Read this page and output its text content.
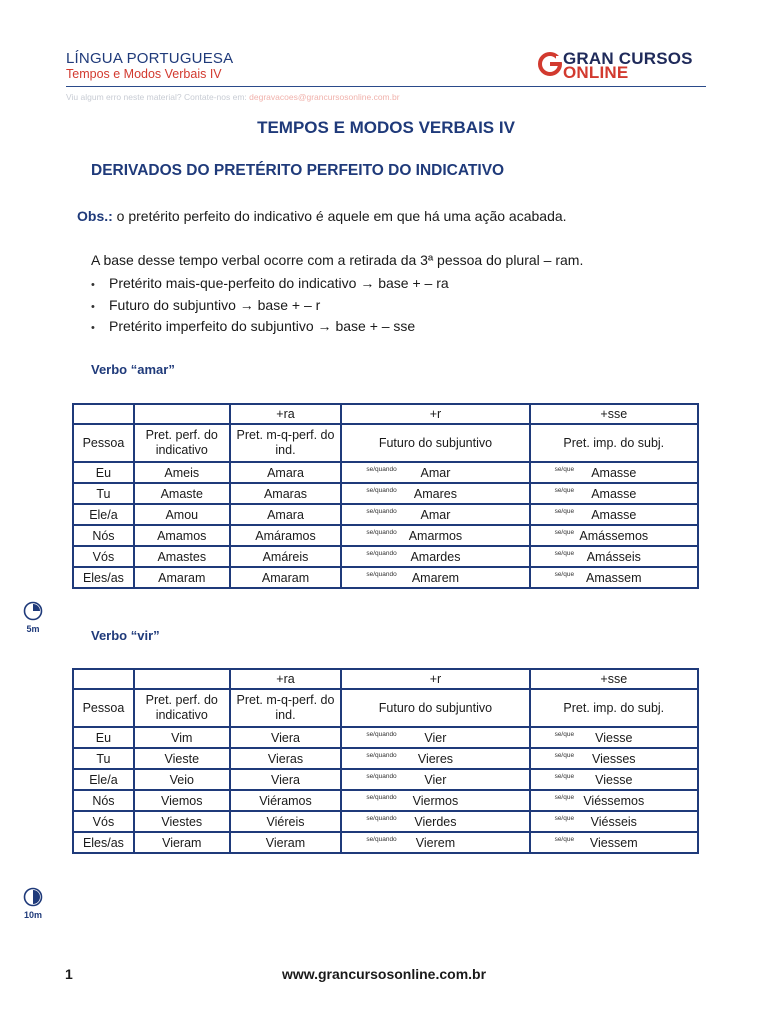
LÍNGUA PORTUGUESA
Tempos e Modos Verbais IV
GRAN CURSOS
ONLINE
Viu algum erro neste material? Contate-nos em: degravacoes@grancursosonline.com.br
TEMPOS E MODOS VERBAIS IV
DERIVADOS DO PRETÉRITO PERFEITO DO INDICATIVO
Obs.: o pretérito perfeito do indicativo é aquele em que há uma ação acabada.
A base desse tempo verbal ocorre com a retirada da 3ª pessoa do plural – ram.
• Pretérito mais-que-perfeito do indicativo → base + – ra
• Futuro do subjuntivo → base + – r
• Pretérito imperfeito do subjuntivo → base + – sse
Verbo “amar”
		+ra	+r	+sse
Pessoa	Pret. perf. do indicativo	Pret. m-q-perf. do ind.	Futuro do subjuntivo	Pret. imp. do subj.
Eu	Ameis	Amara	se/quando Amar	se/que Amasse
Tu	Amaste	Amaras	se/quando Amares	se/que Amasse
Ele/a	Amou	Amara	se/quando Amar	se/que Amasse
Nós	Amamos	Amáramos	se/quando Amarmos	se/que Amássemos
Vós	Amastes	Amáreis	se/quando Amardes	se/que Amásseis
Eles/as	Amaram	Amaram	se/quando Amarem	se/que Amassem
5m	Verbo “vir”
		+ra	+r	+sse
Pessoa	Pret. perf. do indicativo	Pret. m-q-perf. do ind.	Futuro do subjuntivo	Pret. imp. do subj.
Eu	Vim	Viera	se/quando Vier	se/que Viesse
Tu	Vieste	Vieras	se/quando Vieres	se/que Viesses
Ele/a	Veio	Viera	se/quando Vier	se/que Viesse
Nós	Viemos	Viéramos	se/quando Viermos	se/que Viéssemos
Vós	Viestes	Viéreis	se/quando Vierdes	se/que Viésseis
Eles/as	Vieram	Vieram	se/quando Vierem	se/que Viessem
10m
1	www.grancursosonline.com.br
